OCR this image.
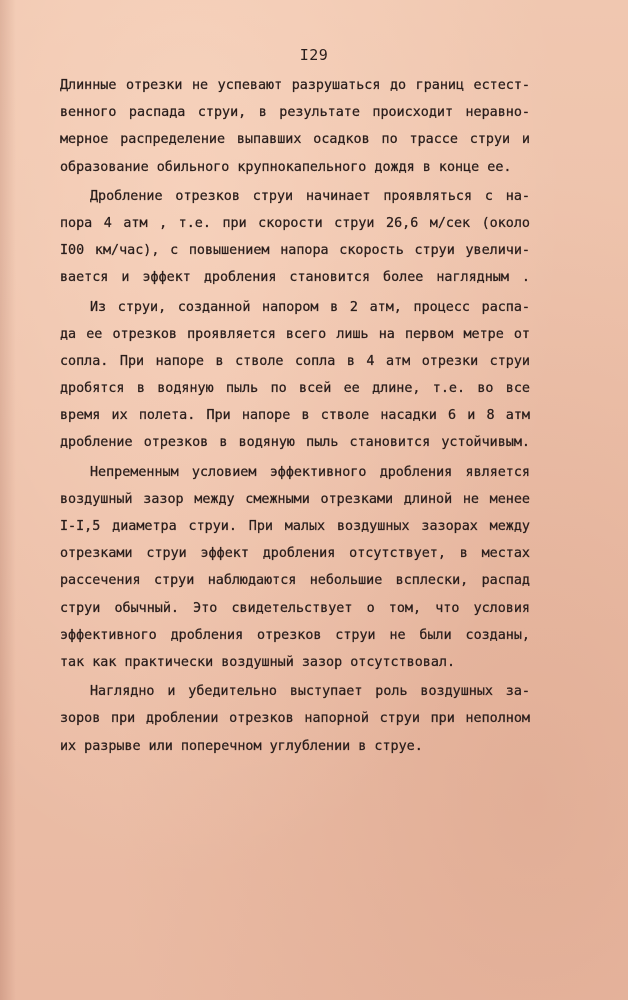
I29
Длинные отрезки не успевают разрушаться до границ естест-
венного распада струи, в результате происходит неравно-
мерное распределение выпавших осадков по трассе струи и
образование обильного крупнокапельного дождя в конце ее.
Дробление отрезков струи начинает проявляться с на-
пора 4 атм , т.е. при скорости струи 26,6 м/сек (около
I00 км/час), с повышением напора скорость струи увеличи-
вается и эффект дробления становится более наглядным .
Из струи, созданной напором в 2 атм, процесс распа-
да ее отрезков проявляется всего лишь на первом метре от
сопла. При напоре в стволе сопла в 4 атм отрезки струи
дробятся в водяную пыль по всей ее длине, т.е. во все
время их полета. При напоре в стволе насадки 6 и 8 атм
дробление отрезков в водяную пыль становится устойчивым.
Непременным условием эффективного дробления является
воздушный зазор между смежными отрезками длиной не менее
I-I,5 диаметра струи. При малых воздушных зазорах между
отрезками струи эффект дробления отсутствует, в местах
рассечения струи наблюдаются небольшие всплески, распад
струи обычный. Это свидетельствует о том, что условия
эффективного дробления отрезков струи не были созданы,
так как практически воздушный зазор отсутствовал.
Наглядно и убедительно выступает роль воздушных за-
зоров при дроблении отрезков напорной струи при неполном
их разрыве или поперечном углублении в струе.
